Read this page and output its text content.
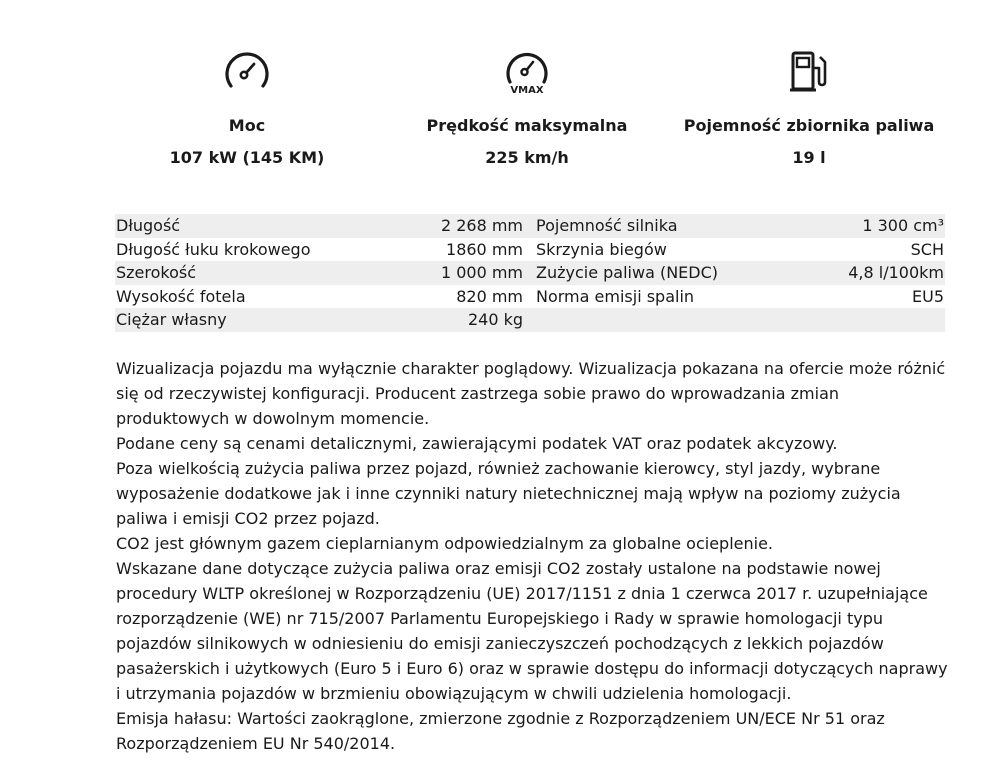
Moc
107 kW (145 KM)
VMAX
Prędkość maksymalna
225 km/h
Pojemność zbiornika paliwa
19 l
Długość	2 268 mm Pojemność silnika	1 300 cm³
Długość łuku krokowego	1860 mm Skrzynia biegów	SCH
Szerokość	1 000 mm Zużycie paliwa (NEDC)	4,8 l/100km
Wysokość fotela	820 mm Norma emisji spalin	EU5
Ciężar własny	240 kg

Wizualizacja pojazdu ma wyłącznie charakter poglądowy. Wizualizacja pokazana na ofercie może różnić się od rzeczywistej konfiguracji. Producent zastrzega sobie prawo do wprowadzania zmian produktowych w dowolnym momencie.

Podane ceny są cenami detalicznymi, zawierającymi podatek VAT oraz podatek akcyzowy.

Poza wielkością zużycia paliwa przez pojazd, również zachowanie kierowcy, styl jazdy, wybrane wyposażenie dodatkowe jak i inne czynniki natury nietechnicznej mają wpływ na poziomy zużycia paliwa i emisji CO2 przez pojazd.

CO2 jest głównym gazem cieplarnianym odpowiedzialnym za globalne ocieplenie.

Wskazane dane dotyczące zużycia paliwa oraz emisji CO2 zostały ustalone na podstawie nowej procedury WLTP określonej w Rozporządzeniu (UE) 2017/1151 z dnia 1 czerwca 2017 r. uzupełniające rozporządzenie (WE) nr 715/2007 Parlamentu Europejskiego i Rady w sprawie homologacji typu pojazdów silnikowych w odniesieniu do emisji zanieczyszczeń pochodzących z lekkich pojazdów pasażerskich i użytkowych (Euro 5 i Euro 6) oraz w sprawie dostępu do informacji dotyczących naprawy i utrzymania pojazdów w brzmieniu obowiązującym w chwili udzielenia homologacji.

Emisja hałasu: Wartości zaokrąglone, zmierzone zgodnie z Rozporządzeniem UN/ECE Nr 51 oraz Rozporządzeniem EU Nr 540/2014.
